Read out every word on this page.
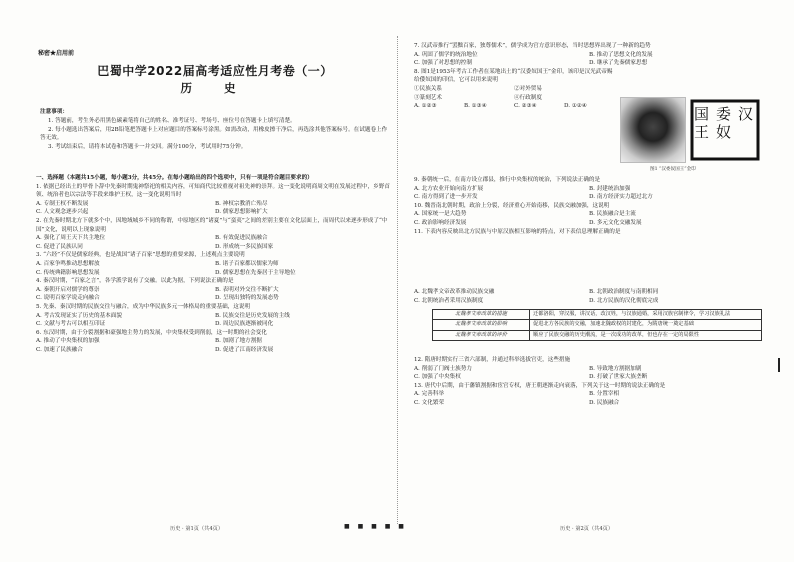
秘密★启用前
巴蜀中学2022届高考适应性月考卷（一）
历 史
注意事项：

1. 答题前，考生务必用黑色碳素笔将自己的姓名、准考证号、考场号、座位号在答题卡上填写清楚。

2. 每小题选出答案后，用2B铅笔把答题卡上对应题目的答案标号涂黑。如需改动，用橡皮擦干净后，再选涂其他答案标号。在试题卷上作答无效。

3. 考试结束后，请将本试卷和答题卡一并交回。满分100分，考试用时75分钟。

一、选择题（本题共15小题，每小题3分，共45分。在每小题给出的四个选项中，只有一项是符合题目要求的）

1. 依据已经出土的甲骨卜辞中先秦时期鬼神祭祀的相关内容，可知商代比较重视对祖先神的崇拜。这一变化说明商周文明在发展过程中，乡野首领、统治者也以宗法等手段来维护王权，这一变化说明当时

A. 专制王权不断发展	B. 神权宗教消亡殆尽
C. 人文观念逐步兴起	D. 儒家思想影响扩大

2. 在先秦时期北方下就多个中，因地域城乡不同的称谓，中原地区的“诸夏”与“蛮夷”之间的差别主要在文化层面上，而周代以来逐步形成了“中国”文化，说明以上现象说明

A. 强化了周王天下共主地位	B. 有效促进民族融合
C. 促进了民族认同	D. 形成统一多民族国家

3. “六经”不仅是儒家经典，也是战国“诸子百家”思想的重要来源，上述观点主要说明

A. 百家争鸣推动思想解放	B. 诸子百家都以儒家为师
C. 传统典籍影响思想发展	D. 儒家思想在先秦居于主导地位

4. 秦汉时期，“百家之言”，各学派学说有了交融。以此为据，下列说法正确的是

A. 秦朝开启对儒学的尊崇	B. 表明对外交往不断扩大
C. 说明百家学说走向融合	D. 呈现出独特的发展态势

5. 先秦、秦汉时期的民族交往与融合，成为中华民族多元一体格局的重要基础，这说明

A. 考古发现证实了历史的基本面貌	B. 民族交往是历史发展的主线
C. 文献与考古可以相互印证	D. 周边民族逐渐被同化

6. 东汉时期，由于分裂割据和豪强地主势力的发展，中央集权受到削弱，这一时期的社会变化

A. 推动了中央集权的加强	B. 加剧了地方割据
C. 加速了民族融合	D. 促进了江南经济发展

7. 汉武帝推行“罢黜百家，独尊儒术”，儒学成为官方意识形态，当时思想界出现了一种新的趋势

A. 巩固了儒学的统治地位	B. 推动了思想文化的发展
C. 加强了对思想的控制	D. 继承了先秦儒家思想

8. 图1是1953年考古工作者在某地出土的“汉委奴国王”金印，该印是汉光武帝赐给倭奴国的印信，它可以用来说明

①民族关系	②对外贸易
③篆刻艺术	④行政制度
A. ①②③	B. ①③④	C. ②③④	D. ①②④	汉
委
奴
国
王
图1 “汉委奴国王”金印

9. 秦朝统一后，在南方设立郡县，推行中央集权的统治，下列说法正确的是

A. 北方农业开始向南方扩展	B. 封建统治加强
C. 南方得到了进一步开发	D. 南方经济实力超过北方

10. 魏晋南北朝时期，政治上分裂，经济重心开始南移，民族交融加强，这说明

A. 国家统一是大趋势	B. 民族融合是主流
C. 政治影响经济发展	D. 多元文化交融发展

11. 下表内容反映出北方民族与中原汉族相互影响的特点，对下表信息理解正确的是

A. 北魏孝文帝改革推动民族交融	B. 北朝政治制度与南朝相同
C. 北朝统治者采用汉族制度	D. 北方民族的汉化彻底完成
北魏孝文帝改革的措施	迁都洛阳，穿汉服，讲汉话，改汉姓，与汉族通婚，采用汉族官制律令，学习汉族礼法
北魏孝文帝改革的影响	促进北方各民族的交融，加速北魏政权的封建化，为隋唐统一奠定基础
北魏孝文帝改革的评价	顺应了民族交融的历史潮流，是一次成功的改革，但也存在一定的局限性

12. 隋唐时期实行三省六部制，并通过科举选拔官吏，这些措施

A. 削弱了门阀士族势力	B. 导致地方割据加剧
C. 加强了中央集权	D. 打破了世家大族垄断

13. 唐代中后期，由于藩镇割据和宦官专权，唐王朝逐渐走向衰落，下列关于这一时期的说法正确的是

A. 完善科举	B. 分置宰相
C. 文化繁荣	D. 民族融合
历史 · 第1页（共4页）	■ ■ ■ ■ ■	历史 · 第2页（共4页）
